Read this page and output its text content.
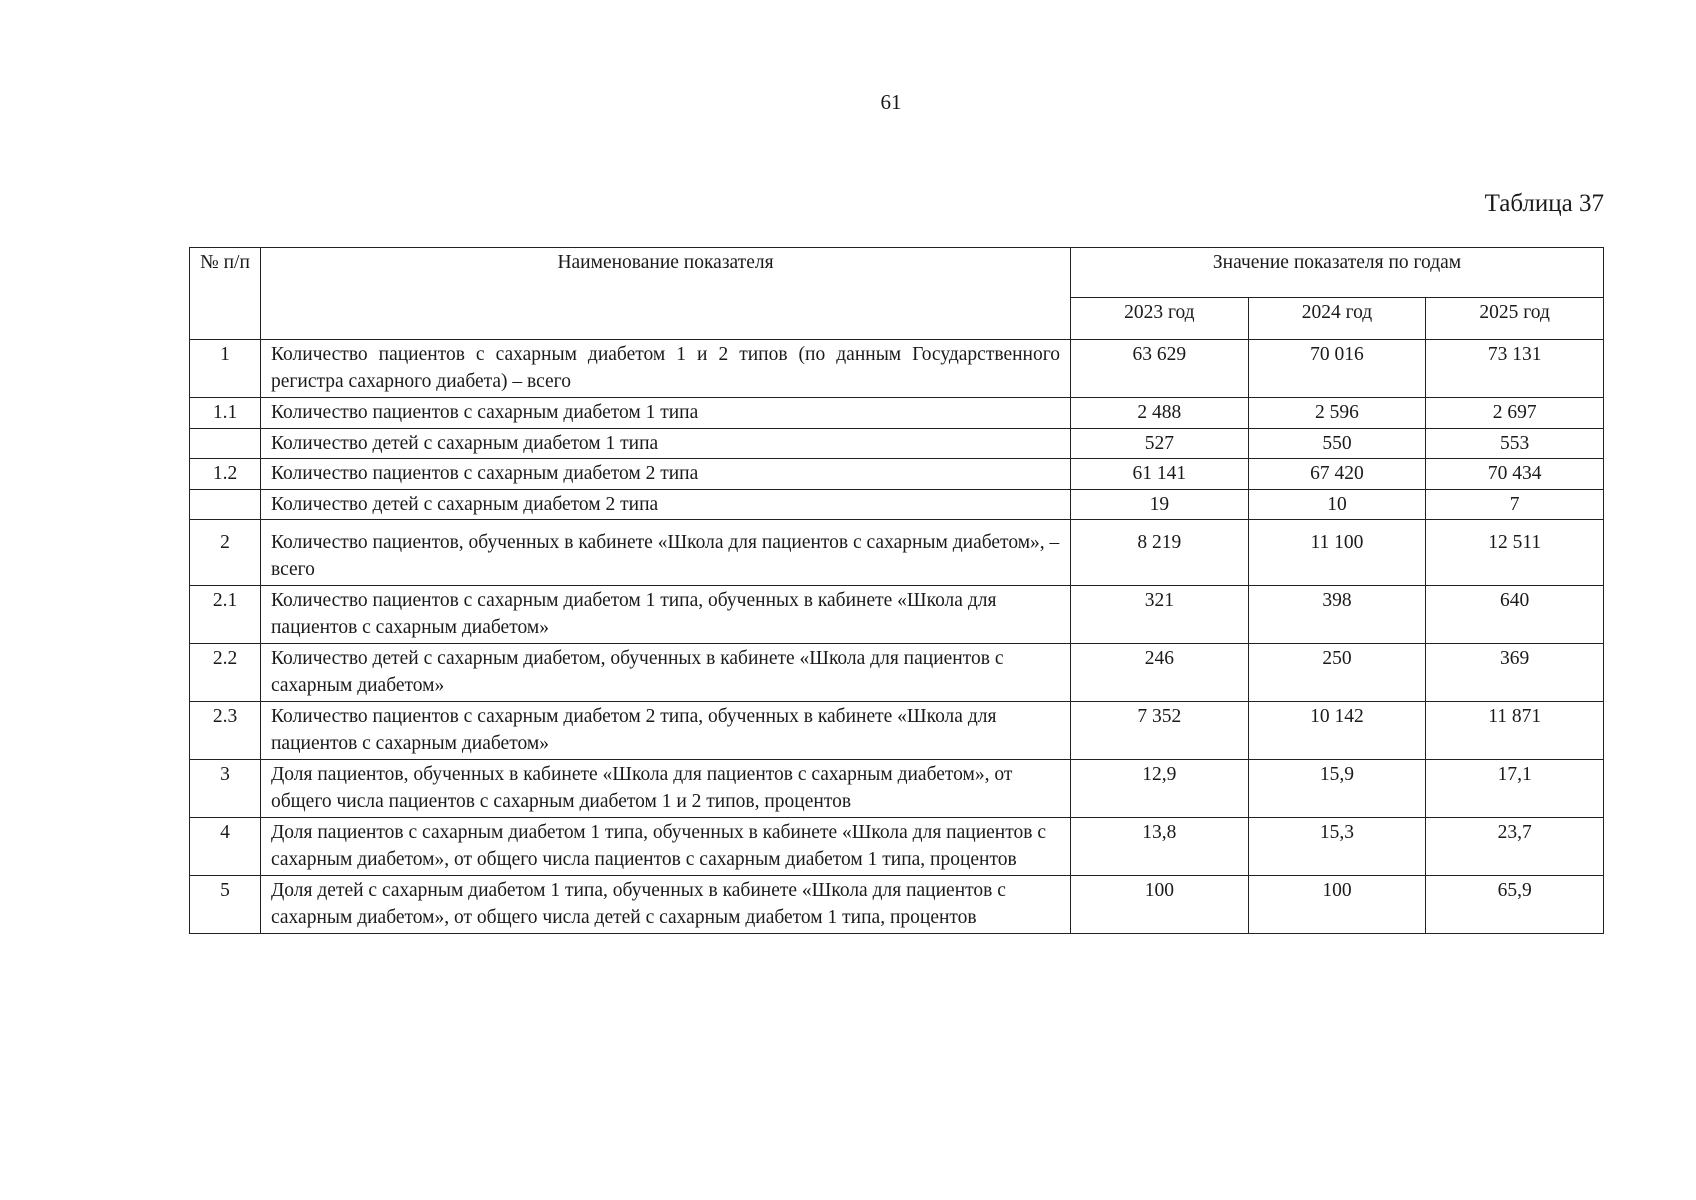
61
Таблица 37
№ п/п	Наименование показателя	Значение показателя по годам		
		2023 год	2024 год	2025 год
1	Количество пациентов с сахарным диабетом 1 и 2 типов (по данным Государственного регистра сахарного диабета) – всего	63 629	70 016	73 131
1.1	Количество пациентов с сахарным диабетом 1 типа	2 488	2 596	2 697
	Количество детей с сахарным диабетом 1 типа	527	550	553
1.2	Количество пациентов с сахарным диабетом 2 типа	61 141	67 420	70 434
	Количество детей с сахарным диабетом 2 типа	19	10	7
2	Количество пациентов, обученных в кабинете «Школа для пациентов с сахарным диабетом», – всего	8 219	11 100	12 511
2.1	Количество пациентов с сахарным диабетом 1 типа, обученных в кабинете «Школа для пациентов с сахарным диабетом»	321	398	640
2.2	Количество детей с сахарным диабетом, обученных в кабинете «Школа для пациентов с сахарным диабетом»	246	250	369
2.3	Количество пациентов с сахарным диабетом 2 типа, обученных в кабинете «Школа для пациентов с сахарным диабетом»	7 352	10 142	11 871
3	Доля пациентов, обученных в кабинете «Школа для пациентов с сахарным диабетом», от общего числа пациентов с сахарным диабетом 1 и 2 типов, процентов	12,9	15,9	17,1
4	Доля пациентов с сахарным диабетом 1 типа, обученных в кабинете «Школа для пациентов с сахарным диабетом», от общего числа пациентов с сахарным диабетом 1 типа, процентов	13,8	15,3	23,7
5	Доля детей с сахарным диабетом 1 типа, обученных в кабинете «Школа для пациентов с сахарным диабетом», от общего числа детей с сахарным диабетом 1 типа, процентов	100	100	65,9
